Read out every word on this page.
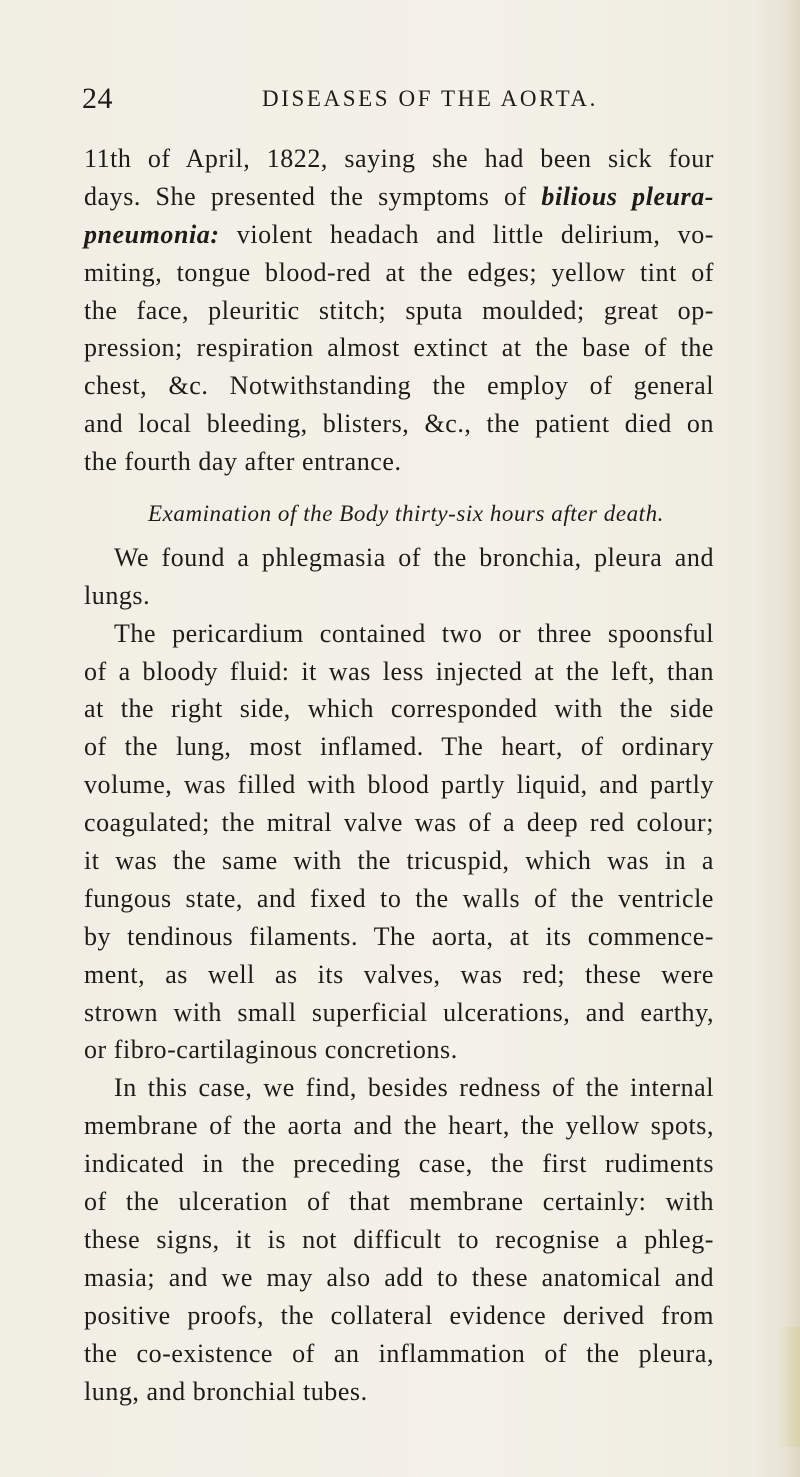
24	DISEASES OF THE AORTA.
11th of April, 1822, saying she had been sick four
days. She presented the symptoms of bilious pleura-
pneumonia: violent headach and little delirium, vo-
miting, tongue blood-red at the edges; yellow tint of
the face, pleuritic stitch; sputa moulded; great op-
pression; respiration almost extinct at the base of the
chest, &c. Notwithstanding the employ of general
and local bleeding, blisters, &c., the patient died on
the fourth day after entrance.
Examination of the Body thirty-six hours after death.
We found a phlegmasia of the bronchia, pleura and
lungs.
The pericardium contained two or three spoonsful
of a bloody fluid: it was less injected at the left, than
at the right side, which corresponded with the side
of the lung, most inflamed. The heart, of ordinary
volume, was filled with blood partly liquid, and partly
coagulated; the mitral valve was of a deep red colour;
it was the same with the tricuspid, which was in a
fungous state, and fixed to the walls of the ventricle
by tendinous filaments. The aorta, at its commence-
ment, as well as its valves, was red; these were
strown with small superficial ulcerations, and earthy,
or fibro-cartilaginous concretions.
In this case, we find, besides redness of the internal
membrane of the aorta and the heart, the yellow spots,
indicated in the preceding case, the first rudiments
of the ulceration of that membrane certainly: with
these signs, it is not difficult to recognise a phleg-
masia; and we may also add to these anatomical and
positive proofs, the collateral evidence derived from
the co-existence of an inflammation of the pleura,
lung, and bronchial tubes.
